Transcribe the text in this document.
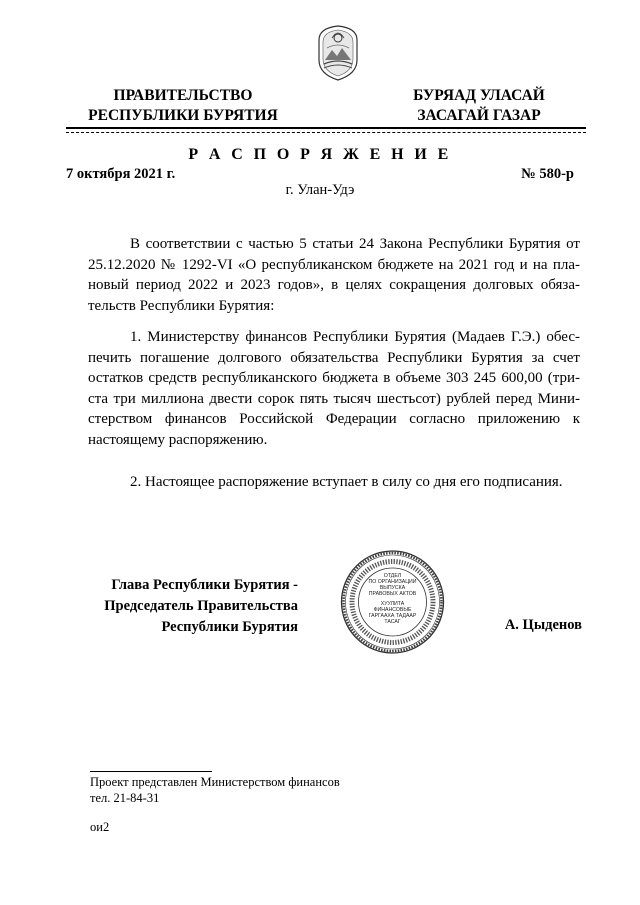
ПРАВИТЕЛЬСТВО
РЕСПУБЛИКИ БУРЯТИЯ
БУРЯАД УЛАСАЙ
ЗАСАГАЙ ГАЗАР
Р А С П О Р Я Ж Е Н И Е
7 октября 2021 г.	№ 580-р
г. Улан-Удэ
В соответствии с частью 5 статьи 24 Закона Республики Бурятия от
25.12.2020 № 1292-VI «О республиканском бюджете на 2021 год и на пла-
новый период 2022 и 2023 годов», в целях сокращения долговых обяза-
тельств Республики Бурятия:
1. Министерству финансов Республики Бурятия (Мадаев Г.Э.) обес-
печить погашение долгового обязательства Республики Бурятия за счет
остатков средств республиканского бюджета в объеме 303 245 600,00 (три-
ста три миллиона двести сорок пять тысяч шестьсот) рублей перед Мини-
стерством финансов Российской Федерации согласно приложению к
настоящему распоряжению.
2. Настоящее распоряжение вступает в силу со дня его подписания.
Глава Республики Бурятия -
Председатель Правительства
Республики Бурятия
ОТДЕЛ
ПО ОРГАНИЗАЦИИ
ВЫПУСКА
ПРАВОВЫХ АКТОВ
ХУУЛИТА
ФИНАНСОВЫЕ
ГАРГААХА ТАДААР
ТАСАГ	А. Цыденов
Проект представлен Министерством финансов
тел. 21-84-31
ои2
